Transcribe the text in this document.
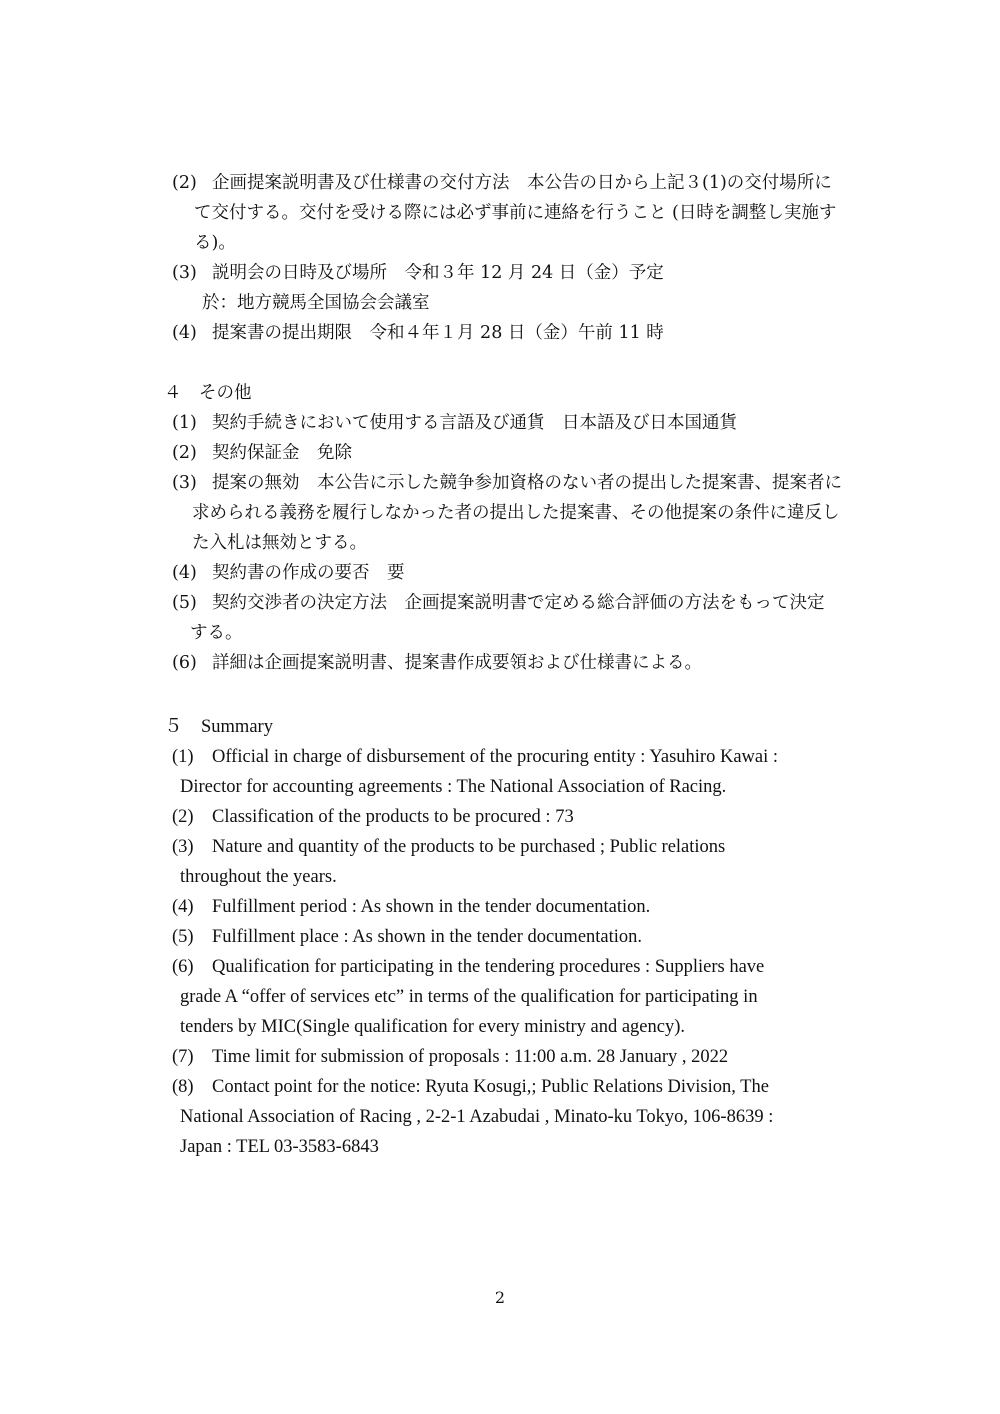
(2) 企画提案説明書及び仕様書の交付方法　本公告の日から上記３(1)の交付場所に
て交付する。交付を受ける際には必ず事前に連絡を行うこと (日時を調整し実施す
る)。
(3) 説明会の日時及び場所　令和３年 12 月 24 日（金）予定
於：地方競馬全国協会会議室
(4) 提案書の提出期限　令和４年１月 28 日（金）午前 11 時
４　その他
(1) 契約手続きにおいて使用する言語及び通貨　日本語及び日本国通貨
(2) 契約保証金　免除
(3) 提案の無効　本公告に示した競争参加資格のない者の提出した提案書、提案者に
求められる義務を履行しなかった者の提出した提案書、その他提案の条件に違反し
た入札は無効とする。
(4) 契約書の作成の要否　要
(5) 契約交渉者の決定方法　企画提案説明書で定める総合評価の方法をもって決定
する。
(6) 詳細は企画提案説明書、提案書作成要領および仕様書による。
５　Summary
(1) Official in charge of disbursement of the procuring entity : Yasuhiro Kawai :
Director for accounting agreements : The National Association of Racing.
(2) Classification of the products to be procured : 73
(3) Nature and quantity of the products to be purchased ; Public relations
throughout the years.
(4) Fulfillment period : As shown in the tender documentation.
(5) Fulfillment place : As shown in the tender documentation.
(6) Qualification for participating in the tendering procedures : Suppliers have
grade A “offer of services etc” in terms of the qualification for participating in
tenders by MIC(Single qualification for every ministry and agency).
(7) Time limit for submission of proposals : 11:00 a.m. 28 January , 2022
(8) Contact point for the notice: Ryuta Kosugi,; Public Relations Division, The
National Association of Racing , 2-2-1 Azabudai , Minato-ku Tokyo, 106-8639 :
Japan : TEL 03-3583-6843
2
